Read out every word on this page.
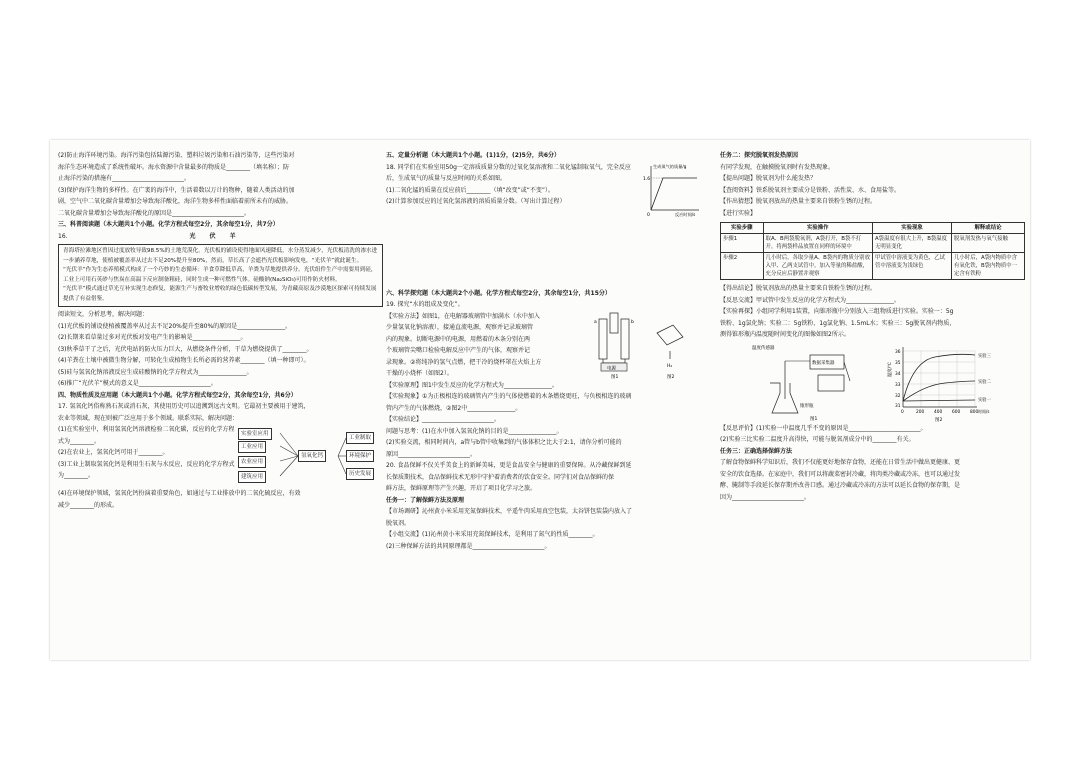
(2)防止海洋环境污染。海洋污染包括陆源污染、塑料垃圾污染和石油污染等，这些污染对

海洋生态环境造成了系统性破坏。海水资源中含量最多的物质是________（填名称）；防

止海洋污染的措施有________________________。

(3)保护海洋生物的多样性。在广袤的海洋中，生活着数以万计的物种，随着人类活动的加

剧，空气中二氧化碳含量增加会导致海洋酸化，海洋生物多样性面临着前所未有的威胁。

二氧化碳含量增加会导致海洋酸化的原因是________________________。

三、科普阅读题（本大题共1个小题。化学方程式每空2分，其余每空1分，共7分）

16.	光 伏 羊

青海塔拉滩地区曾因过度放牧导致98.5%的土地荒漠化。光伏板的铺设使得地面风速降低，水分蒸发减少，光伏板清洗的渗水进一步涵养草地，使植被覆盖率从过去不足20%提升至80%，然而，草长高了会遮挡光伏板影响发电，“光伏羊”就此诞生。

“光伏羊”作为生态养殖模式构成了一个巧妙的生态循环：羊食草降低草高，羊粪为草地提供养分。光伏组件生产中需要用到硅，工业上可用石英砂与焦炭在高温下反应制备粗硅，同时生成一种可燃性气体。硅酸钠(Na₂SiO₃)可用作防火材料。

“光伏羊”模式通过草光互补实现生态修复，能源生产与畜牧业增收的绿色低碳转型发展，为青藏高原及沙漠地区探索可持续发展提供了有益借鉴。

阅读短文，分析思考，解决问题：

(1)光伏板的铺设使植被覆盖率从过去不足20%提升至80%的原因是________________。

(2)长期来看草量过多对光伏板对发电产生的影响是________________。

(3)秋季草干了之后，光伏电站的防火压力巨大，从燃烧条件分析，干草为燃烧提供了________。

(4)羊粪在土壤中被微生物分解，可转化生成植物生长所必需的营养素________（填一种即可）。

(5)硅与氢氧化钠溶液反应生成硅酸钠的化学方程式为________________。

(6)推广“光伏羊”模式的意义是________________________。

四、物质性质及应用题（本大题共1个小题。化学方程式每空2分，其余每空1分，共6分）

17. 氢氧化钙俗称熟石灰或消石灰，其使用历史可以追溯到远古文明。它最初主要被用于建筑，

农业等领域，现在则被广泛应用于多个领域。联系实际，解决问题：

(1)在实验室中，利用氢氧化钙溶液检验二氧化碳，反应的化学方程式为________。

(2)在农业上，氢氧化钙可用于________。

(3)工业上制取氢氧化钙是利用生石灰与水反应，反应的化学方程式为________。

实验室应用
工业应用
农业应用
建筑应用
氢氧化钙
工业制取
环境保护
历史发展

(4)在环境保护领域，氢氧化钙扮演着重要角色，如通过与工业排放中的二氧化硫反应，有效

减少________的形成。

五、定量分析题（本大题共1个小题。(1)1分，(2)5分，共6分）

18. 同学们在实验室用50g一定溶质质量分数的过氧化氢溶液和二氧化锰制取氧气，完全反应

后，生成氧气的质量与反应时间的关系如图。

(1)二氧化锰的质量在反应前后________（填“改变”或“不变”）。

(2)计算参加反应的过氧化氢溶液的溶质质量分数。（写出计算过程）

生成氧气的质量/g
1.6
0	反应时间/s

六、科学探究题（本大题共2个小题。化学方程式每空2分，其余每空1分，共15分）

19. 探究“水的组成及变化”。

【实验方法】如图1，在电解器玻璃管中加满水（水中加入

少量氢氧化钠溶液），接通直流电源，观察并记录玻璃管

内的现象。切断电源中的电源，用燃着的木条分别在两

个玻璃管尖嘴口检验电解反应中产生的气体，观察并记

录现象。②将纯净的氢气点燃，把干冷的烧杯罩在火焰上方

干燥的小烧杯（如图2）。

电源
a	b
图1
H₂
图2

【实验原理】图1中发生反应的化学方程式为________________。

【实验现象】①为正极相连的玻璃管内产生的气体使燃着的木条燃烧更旺，与负极相连的玻璃

管内产生的气体燃烧，②图2中________________。

【实验结论】________________________。

问题与思考：(1)在水中加入氢氧化钠的目的是________________。

(2)实验交流，相同时间内，a管与b管中收集到的气体体积之比大于2:1，请你分析可能的

原因________________________。

20. 食品保鲜不仅关乎美食上的新鲜美味，更是食品安全与健康的重要保障。从冷藏保鲜到延

长保质期技术，食品保鲜技术无形中守护着消费者的饮食安全。同学们对食品保鲜的保

鲜方法，保鲜原理等产生兴趣，开启了项目化学习之旅。

任务一：了解保鲜方法及原理

【市场调研】沁州黄小米采用充氮保鲜技术，平遥牛肉采用真空包装，太谷饼包装袋内放入了

脱氧剂。

【小组交流】(1)沁州黄小米采用充氮保鲜技术，是利用了氮气的性质________。

(2)三种保鲜方法的共同原理都是________________________。

任务二：探究脱氧剂发热原因

有同学发现，在触摸脱氧剂时有发热现象。

【提出问题】脱氧剂为什么能发热？

【查阅资料】铁系脱氧剂主要成分是铁粉、活性炭、水、食用盐等。

【作出猜想】脱氧剂放出的热量主要来自铁粉生锈的过程。

【进行实验】

实验步骤	实验操作	实验现象	解释或结论
步骤1	取A、B两袋脱氧剂，A袋打开，B袋不打开，将两袋样品放置在同样的环境中	A袋温度有很大上升，B袋温度无明显变化	脱氧剂发热与氧气接触
步骤2	几小时后，各取少量A、B袋内的物质分别放入甲、乙两支试管中，加入等量的稀盐酸，充分反应后静置并观察	甲试管中溶液变为黄色，乙试管中溶液变为浅绿色	几小时后，A袋内物质中含有氧化铁，B袋内物质中一定含有铁粉

【得出结论】脱氧剂放出的热量主要来自铁粉生锈的过程。

【反思交流】甲试管中发生反应的化学方程式为________________。

【实验再探】小组同学利用1装置，向锥形瓶中分别放入三组物质进行实验。实验一：5g

铁粉、1g氯化钠；实验二：5g铁粉、1g氯化钠、1.5mL水；实验三：5g脱氧剂内物质，

测得锥形瓶内温度随时间变化的图像如图2所示。

温度传感器
数据采集器
锥形瓶
图1
温度/℃
36
35
34
33
32
31
0	200 400 600 800 时间/s
实验三
实验二
实验一
图2

【反思评价】(1)实验一中温度几乎不变的原因是________________________。

(2)实验三比实验二温度升高得快，可能与脱氧剂成分中的________有关。

任务三：正确选择保鲜方法

了解食物保鲜科学知识后，我们不仅能更好地保存食物，还能在日常生活中做出更健康、更

安全的饮食选择。在家庭中，我们可以将蔬菜密封冷藏，将肉类冷藏或冷冻，也可以通过发

酵、腌制等手段延长保存期并改善口感。通过冷藏或冷冻的方法可以延长食物的保存期，是

因为________________________。
